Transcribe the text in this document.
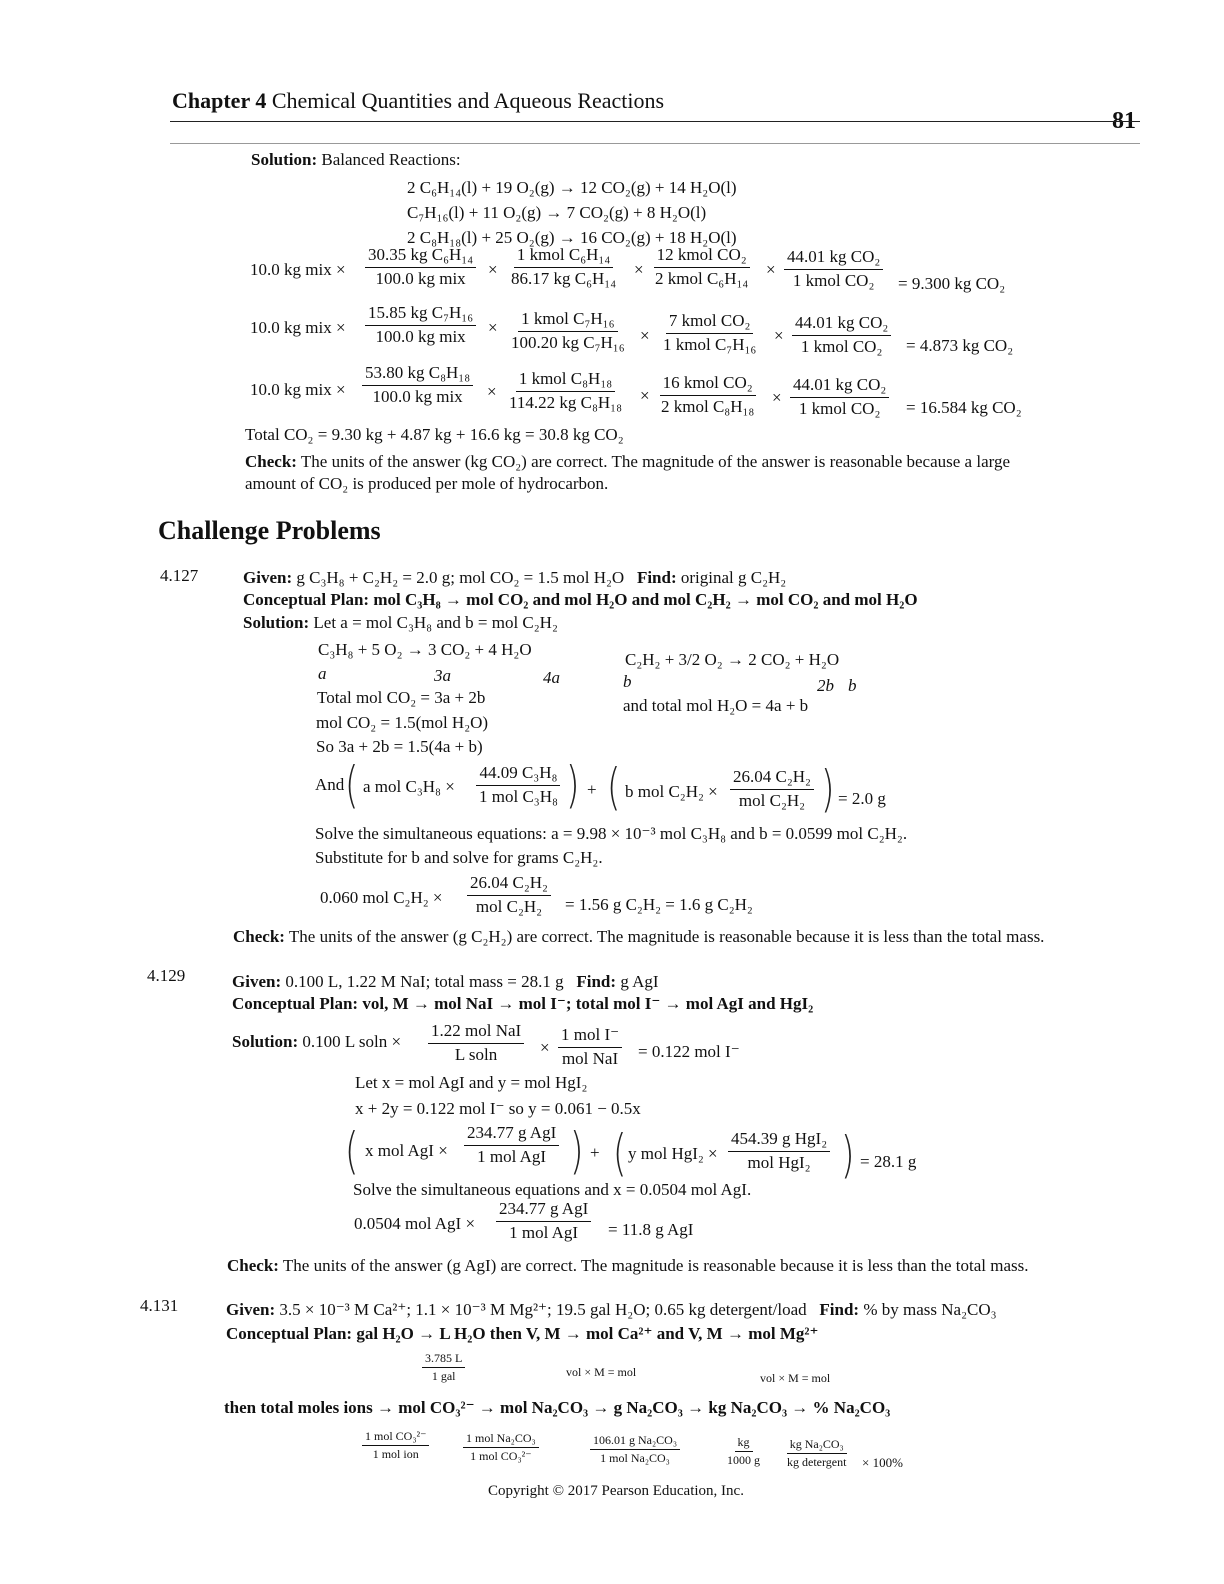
Chapter 4 Chemical Quantities and Aqueous Reactions
81
Solution: Balanced Reactions:
2 C₆H₁₄(l) + 19 O₂(g) → 12 CO₂(g) + 14 H₂O(l)
C₇H₁₆(l) + 11 O₂(g) → 7 CO₂(g) + 8 H₂O(l)
2 C₈H₁₈(l) + 25 O₂(g) → 16 CO₂(g) + 18 H₂O(l)
10.0 kg mix ×
30.35 kg C₆H₁₄
100.0 kg mix ×
1 kmol C₆H₁₄
86.17 kg C₆H₁₄ ×
12 kmol CO₂
2 kmol C₆H₁₄ ×
44.01 kg CO₂
1 kmol CO₂ = 9.300 kg CO₂
10.0 kg mix ×
15.85 kg C₇H₁₆
100.0 kg mix × 1 kmol C₇H₁₆
100.20 kg C₇H₁₆ ×
7 kmol CO₂
1 kmol C₇H₁₆ ×
44.01 kg CO₂
1 kmol CO₂ = 4.873 kg CO₂
10.0 kg mix ×
53.80 kg C₈H₁₈
100.0 kg mix ×
1 kmol C₈H₁₈
114.22 kg C₈H₁₈ ×
16 kmol CO₂
2 kmol C₈H₁₈ ×
44.01 kg CO₂
1 kmol CO₂ = 16.584 kg CO₂
Total CO₂ = 9.30 kg + 4.87 kg + 16.6 kg = 30.8 kg CO₂
Check: The units of the answer (kg CO₂) are correct. The magnitude of the answer is reasonable because a large
amount of CO₂ is produced per mole of hydrocarbon.
Challenge Problems
4.127	Given: g C₃H₈ + C₂H₂ = 2.0 g; mol CO₂ = 1.5 mol H₂O Find: original g C₂H₂
Conceptual Plan: mol C₃H₈ → mol CO₂ and mol H₂O and mol C₂H₂ → mol CO₂ and mol H₂O
Solution: Let a = mol C₃H₈ and b = mol C₂H₂
C₃H₈ + 5 O₂ → 3 CO₂ + 4 H₂O
a	3a	4a
C₂H₂ + 3/2 O₂ → 2 CO₂ + H₂O
b	2b b
Total mol CO₂ = 3a + 2b	and total mol H₂O = 4a + b
mol CO₂ = 1.5(mol H₂O)
So 3a + 2b = 1.5(4a + b)
And ( a mol C₃H₈ ×
44.09 C₃H₈
1 mol C₃H₈ ) + ( b mol C₂H₂ ×
26.04 C₂H₂
mol C₂H₂ ) = 2.0 g
Solve the simultaneous equations: a = 9.98 × 10⁻³ mol C₃H₈ and b = 0.0599 mol C₂H₂.
Substitute for b and solve for grams C₂H₂.
0.060 mol C₂H₂ ×
26.04 C₂H₂
mol C₂H₂ = 1.56 g C₂H₂ = 1.6 g C₂H₂
Check: The units of the answer (g C₂H₂) are correct. The magnitude is reasonable because it is less than the total mass.
4.129	Given: 0.100 L, 1.22 M NaI; total mass = 28.1 g Find: g AgI
Conceptual Plan: vol, M → mol NaI → mol I⁻; total mol I⁻ → mol AgI and HgI₂
Solution: 0.100 L soln ×
1.22 mol NaI
L soln	×
1 mol I⁻
mol NaI = 0.122 mol I⁻
Let x = mol AgI and y = mol HgI₂
x + 2y = 0.122 mol I⁻ so y = 0.061 − 0.5x
( x mol AgI ×
234.77 g AgI
1 mol AgI ) + ( y mol HgI₂ ×
454.39 g HgI₂
mol HgI₂ ) = 28.1 g
Solve the simultaneous equations and x = 0.0504 mol AgI.
0.0504 mol AgI ×
234.77 g AgI
1 mol AgI = 11.8 g AgI
Check: The units of the answer (g AgI) are correct. The magnitude is reasonable because it is less than the total mass.
4.131	Given: 3.5 × 10⁻³ M Ca²⁺; 1.1 × 10⁻³ M Mg²⁺; 19.5 gal H₂O; 0.65 kg detergent/load Find: % by mass Na₂CO₃
Conceptual Plan: gal H₂O → L H₂O then V, M → mol Ca²⁺ and V, M → mol Mg²⁺
3.785 L
1 gal	vol × M = mol	vol × M = mol
then total moles ions → mol CO₃²⁻ → mol Na₂CO₃ → g Na₂CO₃ → kg Na₂CO₃ → % Na₂CO₃
1 mol CO₃²⁻
1 mol ion
1 mol Na₂CO₃
1 mol CO₃²⁻
106.01 g Na₂CO₃
1 mol Na₂CO₃	$\frac{kg}{1000 g}$ kg Na₂CO₃
kg detergent × 100%
Copyright © 2017 Pearson Education, Inc.
